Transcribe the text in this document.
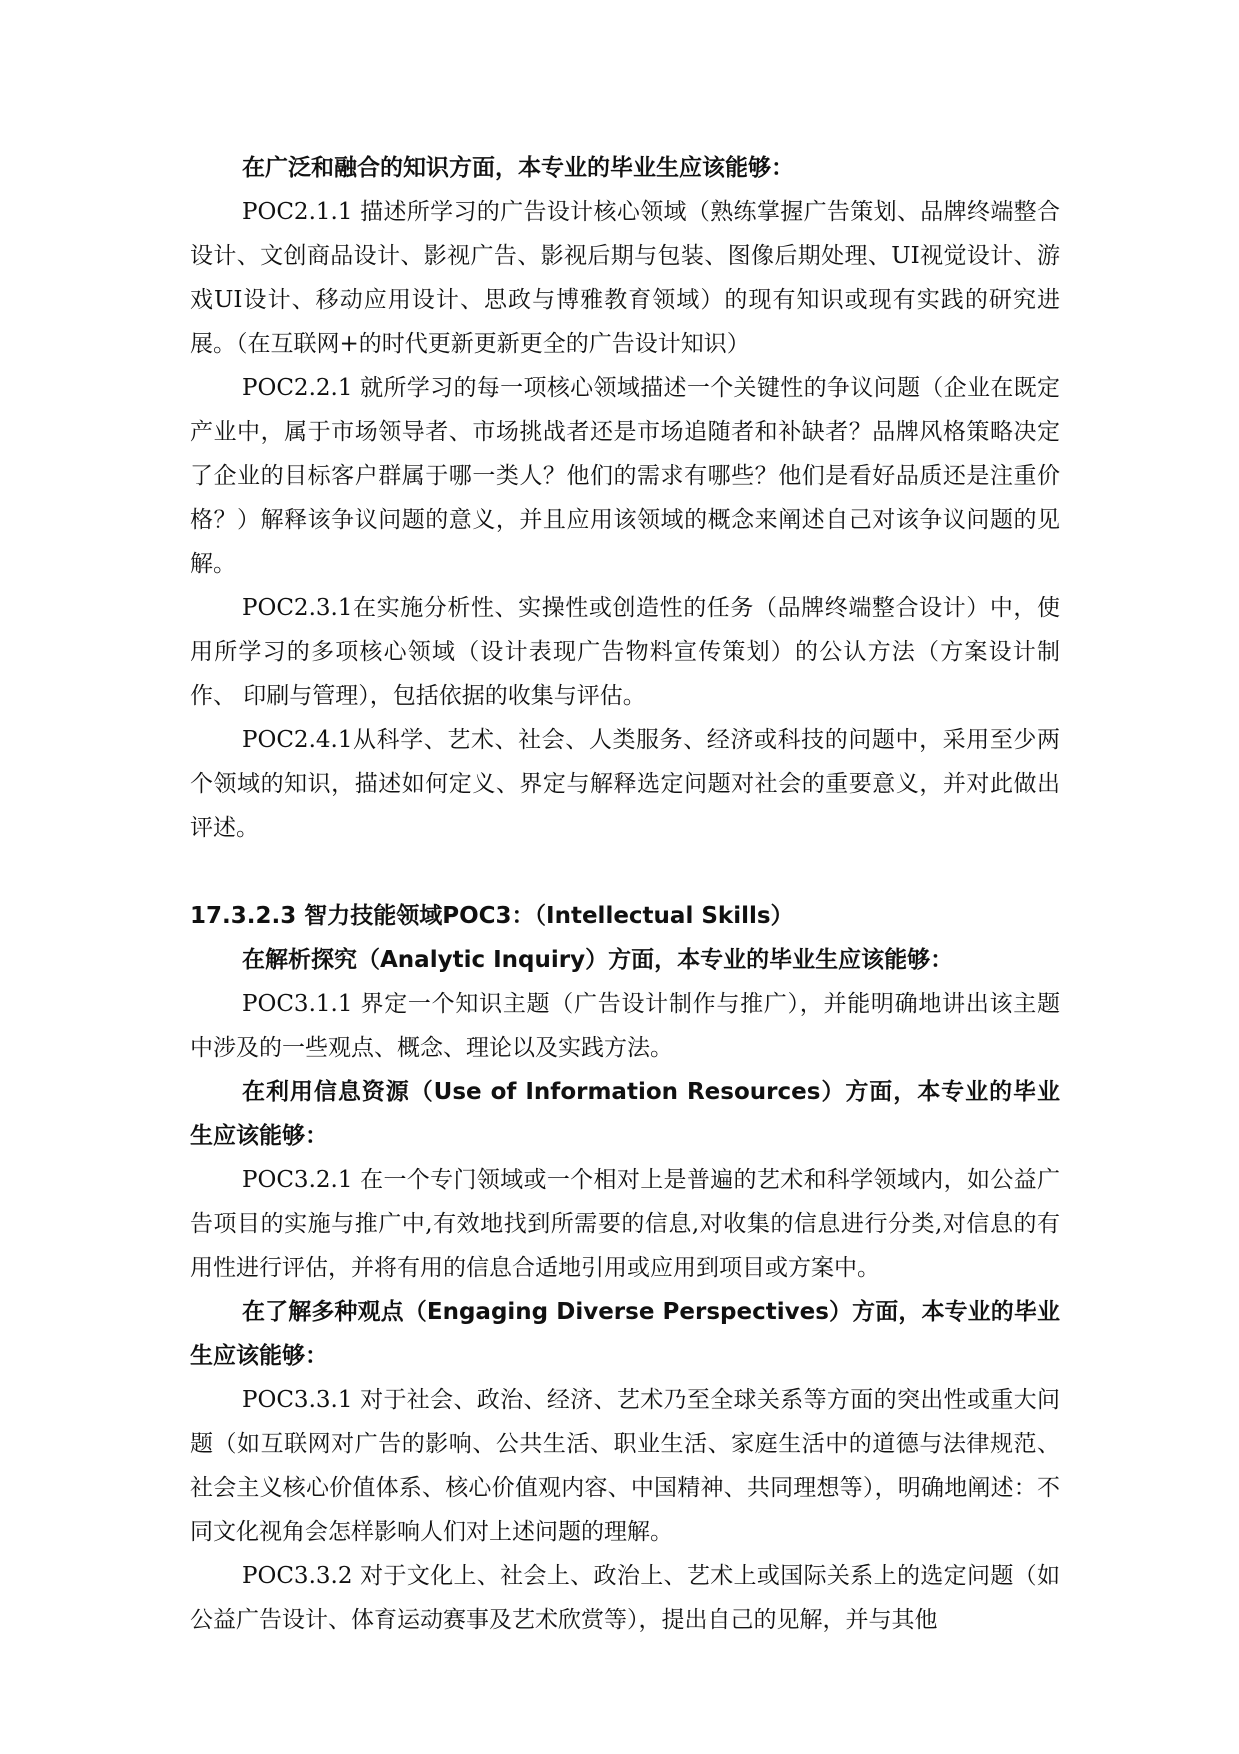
在广泛和融合的知识方面，本专业的毕业生应该能够：

POC2.1.1 描述所学习的广告设计核心领域（熟练掌握广告策划、品牌终端整合设计、文创商品设计、影视广告、影视后期与包装、图像后期处理、UI视觉设计、游戏UI设计、移动应用设计、思政与博雅教育领域）的现有知识或现有实践的研究进展。（在互联网+的时代更新更新更全的广告设计知识）

POC2.2.1 就所学习的每一项核心领域描述一个关键性的争议问题（企业在既定产业中，属于市场领导者、市场挑战者还是市场追随者和补缺者？品牌风格策略决定了企业的目标客户群属于哪一类人？他们的需求有哪些？他们是看好品质还是注重价格？）解释该争议问题的意义，并且应用该领域的概念来阐述自己对该争议问题的见解。

POC2.3.1在实施分析性、实操性或创造性的任务（品牌终端整合设计）中，使用所学习的多项核心领域（设计表现广告物料宣传策划）的公认方法（方案设计制作、 印刷与管理），包括依据的收集与评估。

POC2.4.1从科学、艺术、社会、人类服务、经济或科技的问题中，采用至少两个领域的知识，描述如何定义、界定与解释选定问题对社会的重要意义，并对此做出评述。

17.3.2.3 智力技能领域POC3：（Intellectual Skills）

在解析探究（Analytic Inquiry）方面，本专业的毕业生应该能够：

POC3.1.1 界定一个知识主题（广告设计制作与推广），并能明确地讲出该主题中涉及的一些观点、概念、理论以及实践方法。

在利用信息资源（Use of Information Resources）方面，本专业的毕业生应该能够：

POC3.2.1 在一个专门领域或一个相对上是普遍的艺术和科学领域内，如公益广告项目的实施与推广中,有效地找到所需要的信息,对收集的信息进行分类,对信息的有用性进行评估，并将有用的信息合适地引用或应用到项目或方案中。

在了解多种观点（Engaging Diverse Perspectives）方面，本专业的毕业生应该能够：

POC3.3.1 对于社会、政治、经济、艺术乃至全球关系等方面的突出性或重大问题（如互联网对广告的影响、公共生活、职业生活、家庭生活中的道德与法律规范、社会主义核心价值体系、核心价值观内容、中国精神、共同理想等），明确地阐述：不同文化视角会怎样影响人们对上述问题的理解。

POC3.3.2 对于文化上、社会上、政治上、艺术上或国际关系上的选定问题（如公益广告设计、体育运动赛事及艺术欣赏等），提出自己的见解，并与其他
